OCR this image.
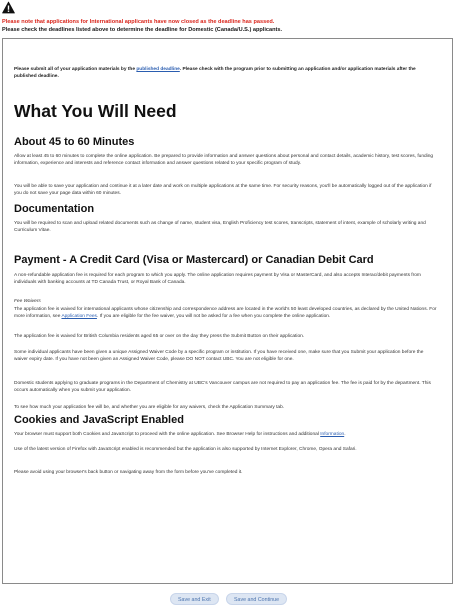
Please note that applications for International applicants have now closed as the deadline has passed.
Please check the deadlines listed above to determine the deadline for Domestic (Canada/U.S.) applicants.
Please submit all of your application materials by the published deadline. Please check with the program prior to submitting an application and/or application materials after the published deadline.
What You Will Need
About 45 to 60 Minutes
Allow at least 45 to 60 minutes to complete the online application. Be prepared to provide information and answer questions about personal and contact details, academic history, test scores, funding information, experience and interests and reference contact information and answer questions related to your specific program of study.
You will be able to save your application and continue it at a later date and work on multiple applications at the same time. For security reasons, you'll be automatically logged out of the application if you do not save your page data within 60 minutes.
Documentation
You will be required to scan and upload related documents such as change of name, student visa, English Proficiency test scores, transcripts, statement of intent, example of scholarly writing and Curriculum Vitae.
Payment - A Credit Card (Visa or Mastercard) or Canadian Debit Card
A non-refundable application fee is required for each program to which you apply. The online application requires payment by Visa or MasterCard, and also accepts Interac/debit payments from individuals with banking accounts at TD Canada Trust, or Royal Bank of Canada.
Fee Waivers
The application fee is waived for international applicants whose citizenship and correspondence address are located in the world's 50 least developed countries, as declared by the United Nations. For more information, see Application Fees. If you are eligible for the fee waiver, you will not be asked for a fee when you complete the online application.
The application fee is waived for British Columbia residents aged 65 or over on the day they press the Submit Button on their application.
Some individual applicants have been given a unique Assigned Waiver Code by a specific program or institution. If you have received one, make sure that you Submit your application before the waiver expiry date. If you have not been given an Assigned Waiver Code, please DO NOT contact UBC. You are not eligible for one.
Domestic students applying to graduate programs in the Department of Chemistry at UBC's Vancouver campus are not required to pay an application fee. The fee is paid for by the department. This occurs automatically when you submit your application.
To see how much your application fee will be, and whether you are eligible for any waivers, check the Application Summary tab.
Cookies and JavaScript Enabled
Your browser must support both Cookies and JavaScript to proceed with the online application. See Browser Help for instructions and additional Information.
Use of the latest version of Firefox with JavaScript enabled is recommended but the application is also supported by Internet Explorer, Chrome, Opera and Safari.
Please avoid using your browser's back button or navigating away from the form before you've completed it.
Save and Exit	Save and Continue
